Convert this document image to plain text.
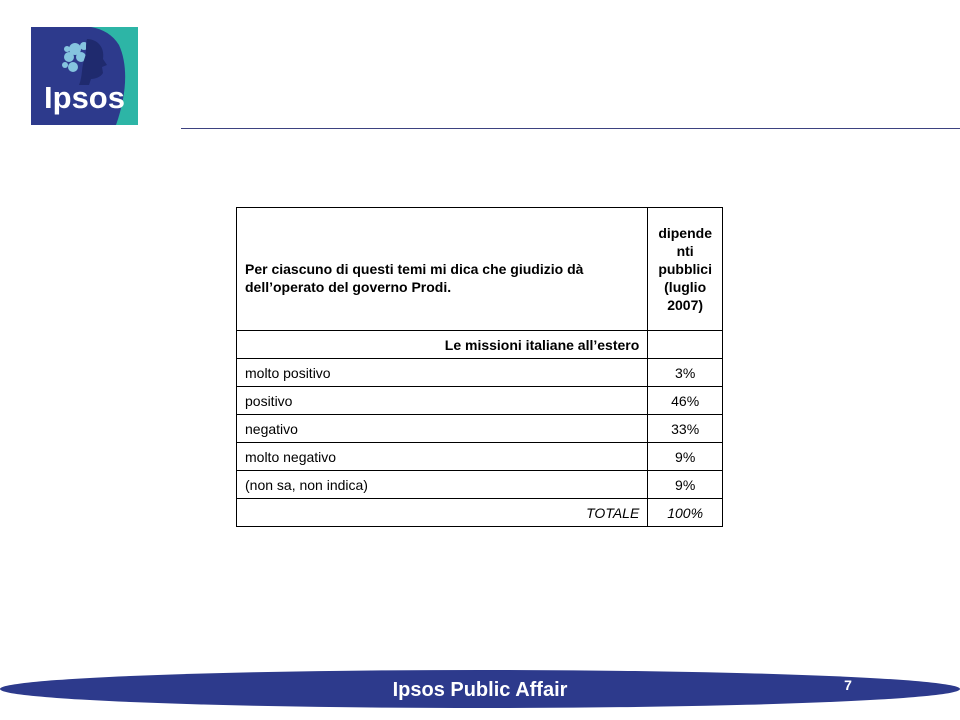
Ipsos
Per ciascuno di questi temi mi dica che giudizio dà dell’operato del governo Prodi.	dipende
nti
pubblici
(luglio
2007)

Le missioni italiane all’estero	
molto positivo	3%
positivo	46%
negativo	33%
molto negativo	9%
(non sa, non indica)	9%
TOTALE	100%
Ipsos Public Affair	7
